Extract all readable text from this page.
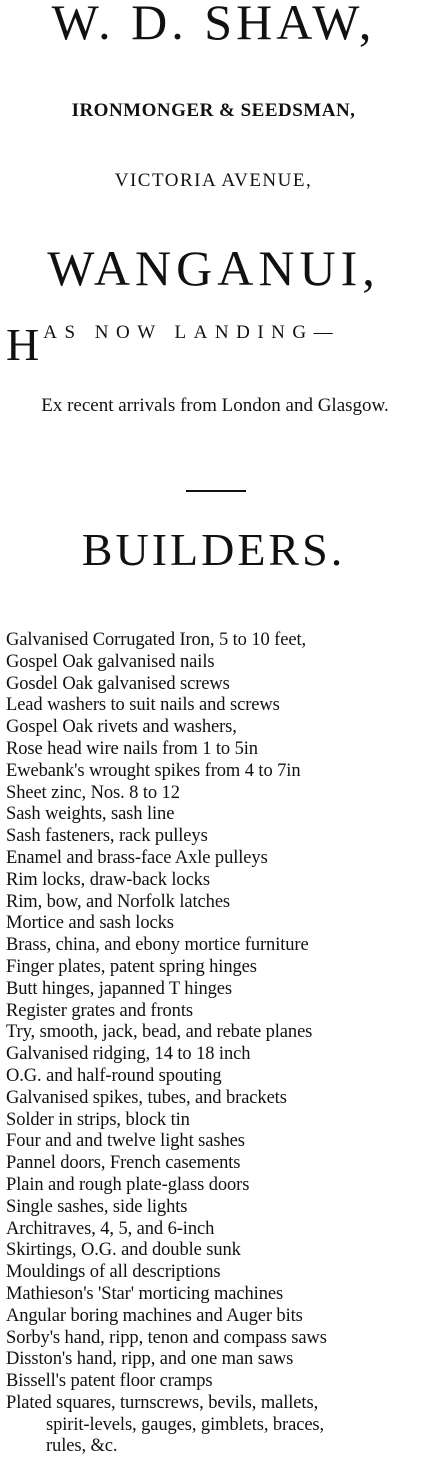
W. D. SHAW,
IRONMONGER & SEEDSMAN,
VICTORIA AVENUE,
WANGANUI,
HAS NOW LANDING—
Ex recent arrivals from London and Glasgow.
BUILDERS.
Galvanised Corrugated Iron, 5 to 10 feet,
Gospel Oak galvanised nails
Gosdel Oak galvanised screws
Lead washers to suit nails and screws
Gospel Oak rivets and washers,
Rose head wire nails from 1 to 5in
Ewebank's wrought spikes from 4 to 7in
Sheet zinc, Nos. 8 to 12
Sash weights, sash line
Sash fasteners, rack pulleys
Enamel and brass-face Axle pulleys
Rim locks, draw-back locks
Rim, bow, and Norfolk latches
Mortice and sash locks
Brass, china, and ebony mortice furniture
Finger plates, patent spring hinges
Butt hinges, japanned T hinges
Register grates and fronts
Try, smooth, jack, bead, and rebate planes
Galvanised ridging, 14 to 18 inch
O.G. and half-round spouting
Galvanised spikes, tubes, and brackets
Solder in strips, block tin
Four and and twelve light sashes
Pannel doors, French casements
Plain and rough plate-glass doors
Single sashes, side lights
Architraves, 4, 5, and 6-inch
Skirtings, O.G. and double sunk
Mouldings of all descriptions
Mathieson's 'Star' morticing machines
Angular boring machines and Auger bits
Sorby's hand, ripp, tenon and compass saws
Disston's hand, ripp, and one man saws
Bissell's patent floor cramps
Plated squares, turnscrews, bevils, mallets,
spirit-levels, gauges, gimblets, braces,
rules, &c.
